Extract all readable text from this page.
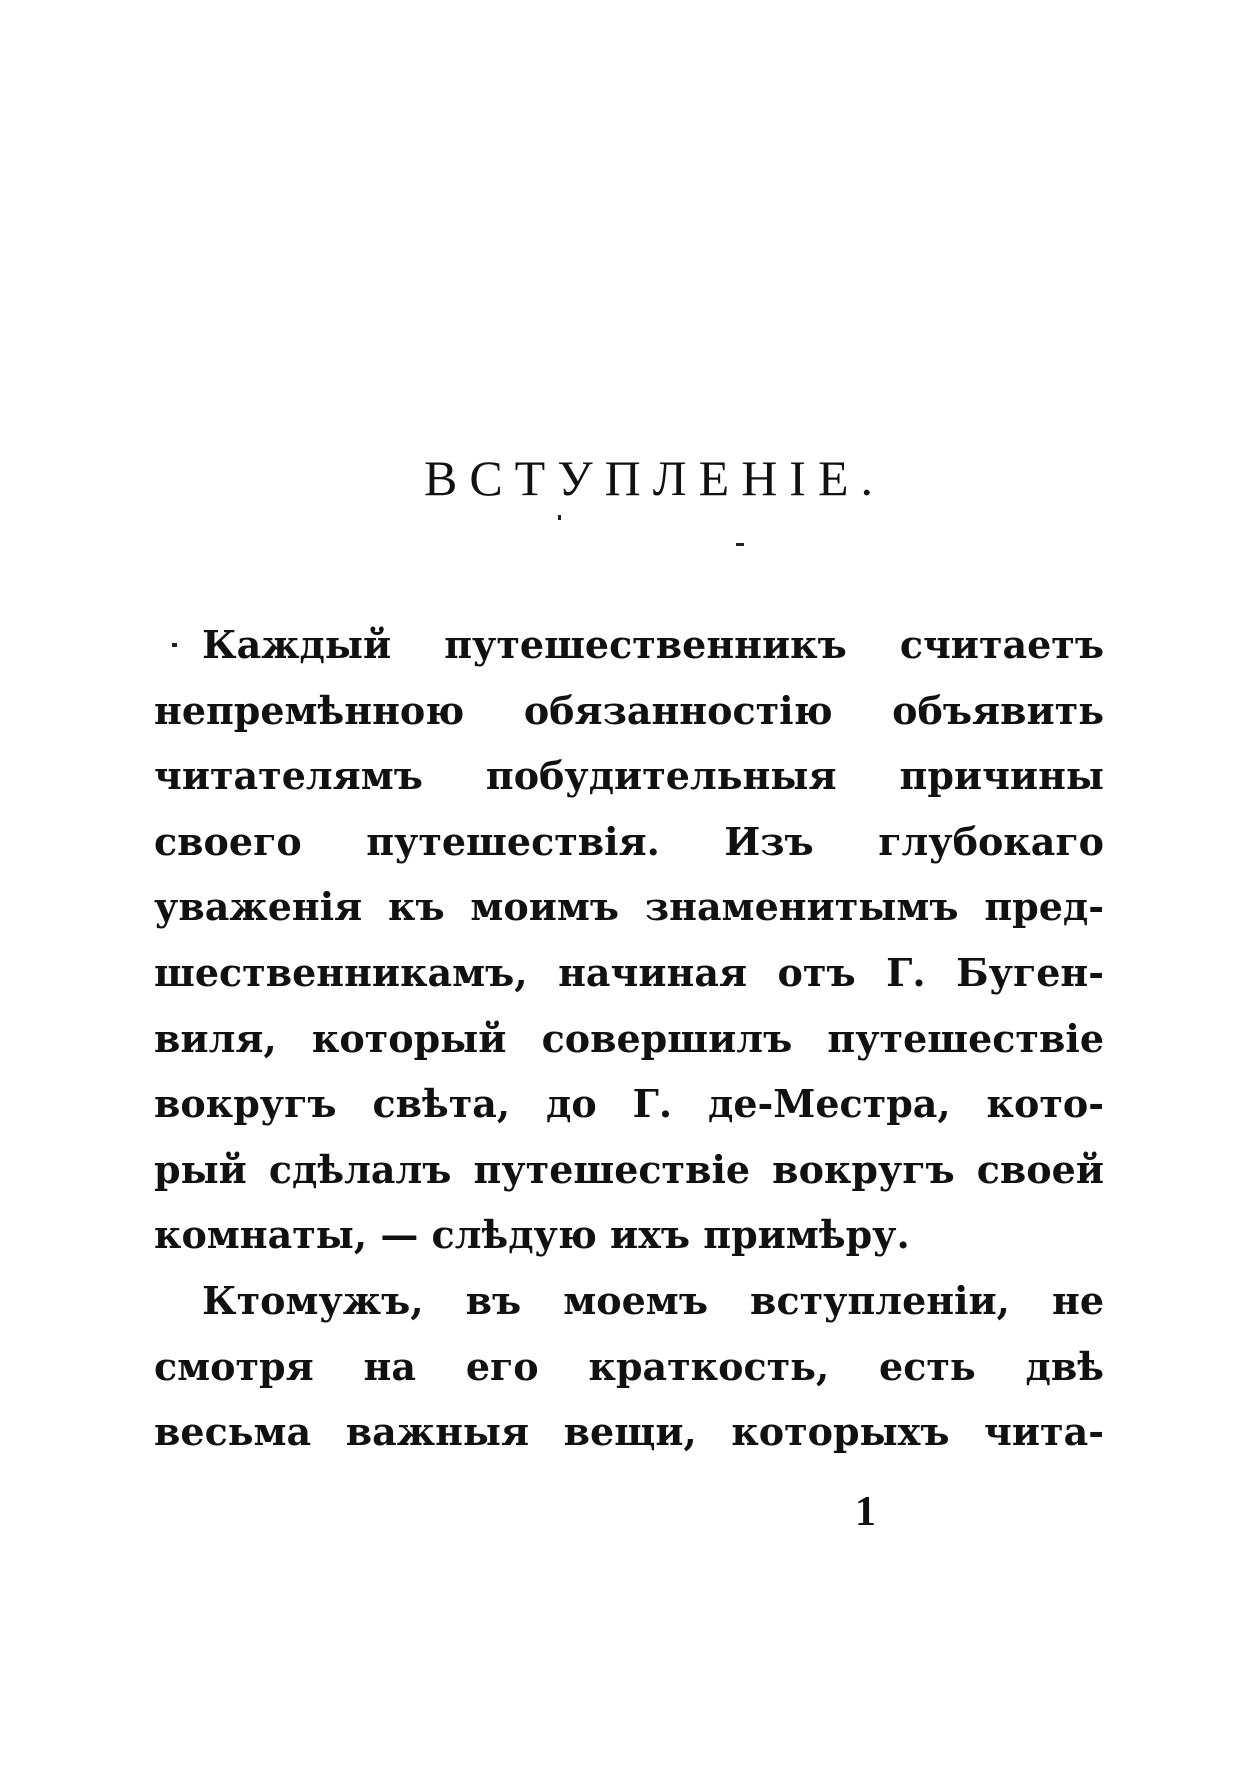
ВСТУПЛЕНІЕ.
Каждый путешественникъ считаетъ
непремѣнною обязанностію объявить
читателямъ побудительныя причины
своего путешествія. Изъ глубокаго
уваженія къ моимъ знаменитымъ пред-
шественникамъ, начиная отъ Г. Буген-
виля, который совершилъ путешествіе
вокругъ свѣта, до Г. де-Местра, кото-
рый сдѣлалъ путешествіе вокругъ своей
комнаты, — слѣдую ихъ примѣру.
Ктомужъ, въ моемъ вступленіи, не
смотря на его краткость, есть двѣ
весьма важныя вещи, которыхъ чита-
1
